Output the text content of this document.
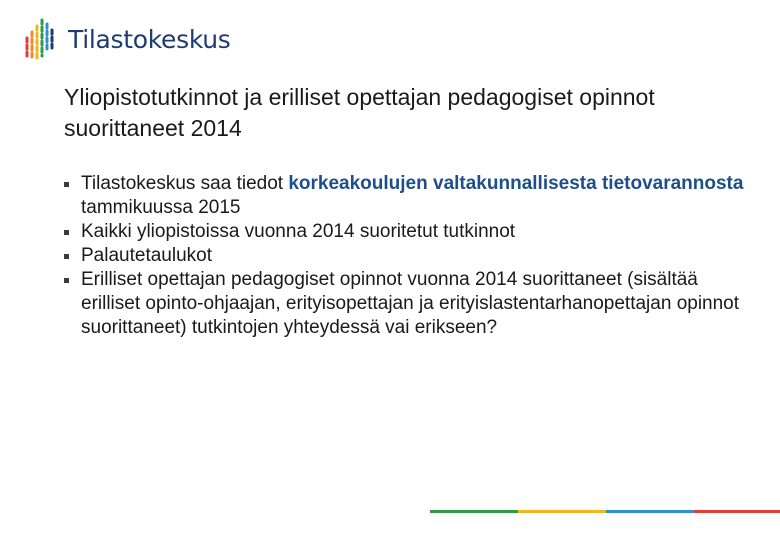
Tilastokeskus
Yliopistotutkinnot ja erilliset opettajan pedagogiset opinnot suorittaneet 2014
Tilastokeskus saa tiedot korkeakoulujen valtakunnallisesta tietovarannosta tammikuussa 2015
Kaikki yliopistoissa vuonna 2014 suoritetut tutkinnot
Palautetaulukot
Erilliset opettajan pedagogiset opinnot vuonna 2014 suorittaneet (sisältää erilliset opinto-ohjaajan, erityisopettajan ja erityislastentarhanopettajan opinnot suorittaneet) tutkintojen yhteydessä vai erikseen?
